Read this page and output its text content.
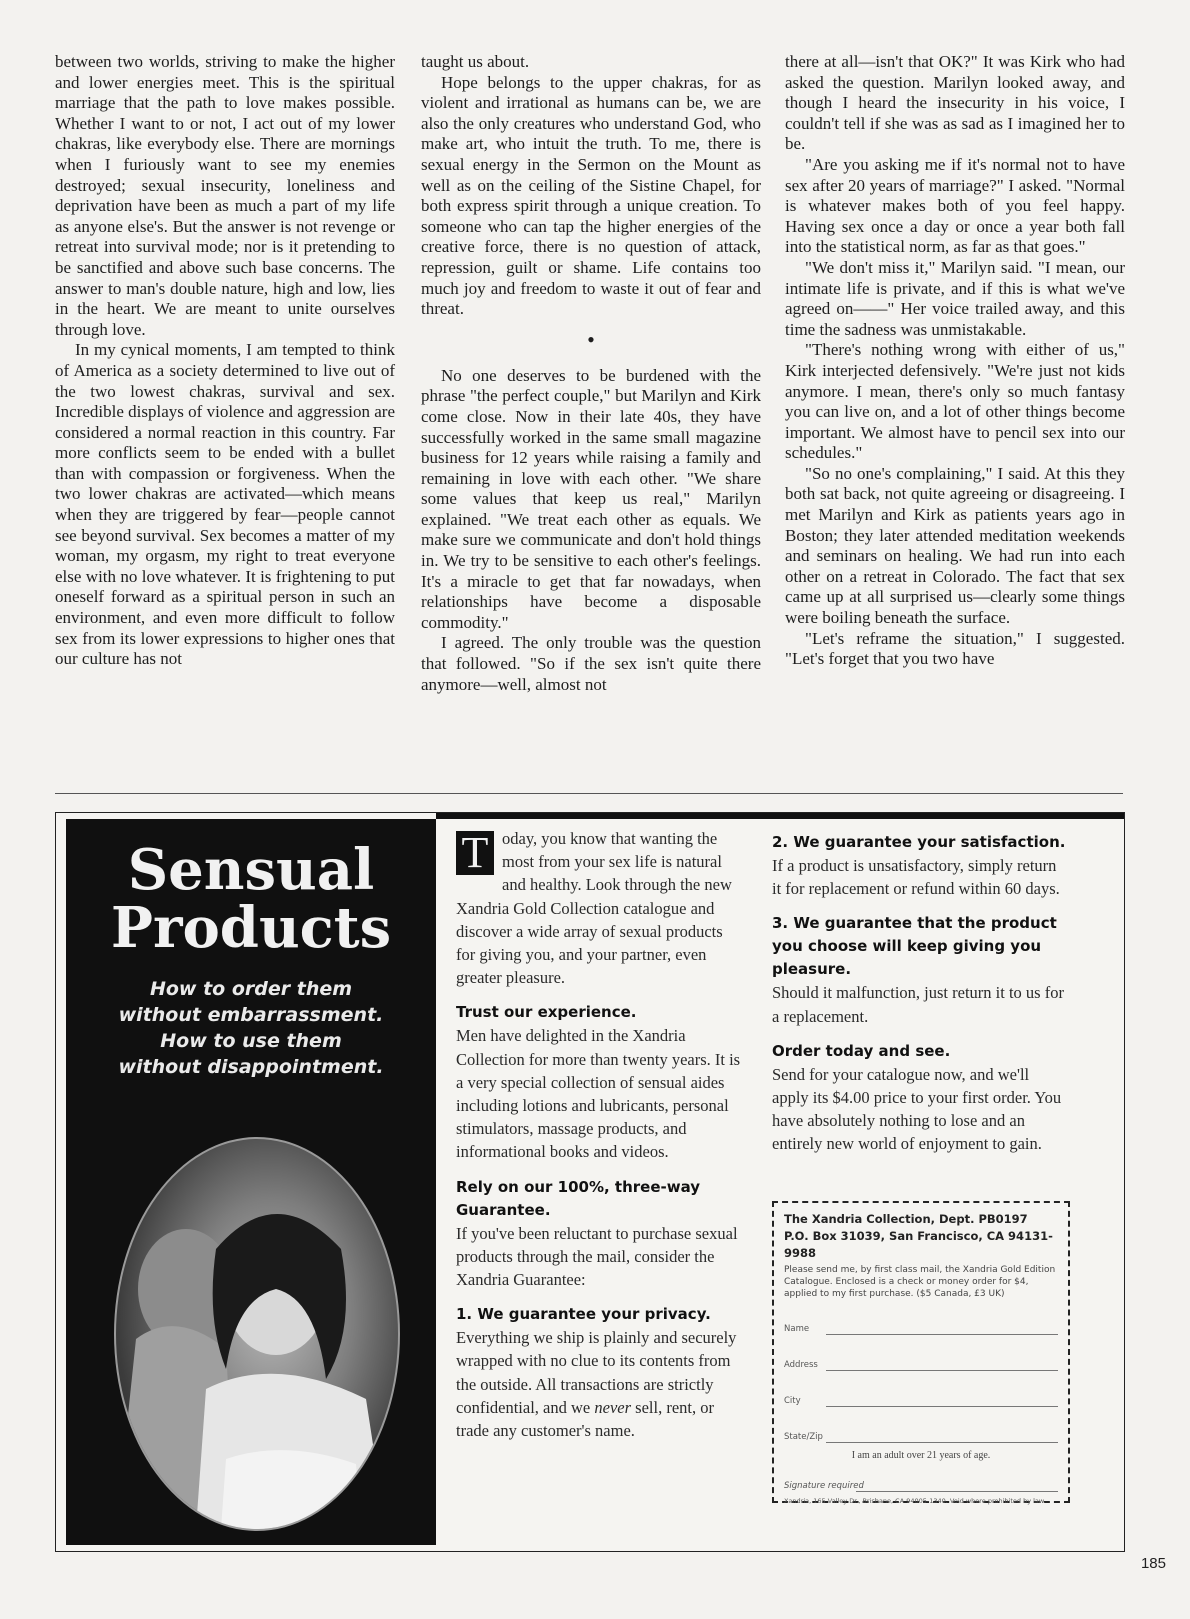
between two worlds, striving to make the higher and lower energies meet. This is the spiritual marriage that the path to love makes possible. Whether I want to or not, I act out of my lower chakras, like everybody else. There are mornings when I furiously want to see my enemies destroyed; sexual insecurity, loneliness and deprivation have been as much a part of my life as anyone else's. But the answer is not revenge or retreat into survival mode; nor is it pretending to be sanctified and above such base concerns. The answer to man's double nature, high and low, lies in the heart. We are meant to unite ourselves through love.

In my cynical moments, I am tempted to think of America as a society determined to live out of the two lowest chakras, survival and sex. Incredible displays of violence and aggression are considered a normal reaction in this country. Far more conflicts seem to be ended with a bullet than with compassion or forgiveness. When the two lower chakras are activated—which means when they are triggered by fear—people cannot see beyond survival. Sex becomes a matter of my woman, my orgasm, my right to treat everyone else with no love whatever. It is frightening to put oneself forward as a spiritual person in such an environment, and even more difficult to follow sex from its lower expressions to higher ones that our culture has not

taught us about.

Hope belongs to the upper chakras, for as violent and irrational as humans can be, we are also the only creatures who understand God, who make art, who intuit the truth. To me, there is sexual energy in the Sermon on the Mount as well as on the ceiling of the Sistine Chapel, for both express spirit through a unique creation. To someone who can tap the higher energies of the creative force, there is no question of attack, repression, guilt or shame. Life contains too much joy and freedom to waste it out of fear and threat.

•

No one deserves to be burdened with the phrase "the perfect couple," but Marilyn and Kirk come close. Now in their late 40s, they have successfully worked in the same small magazine business for 12 years while raising a family and remaining in love with each other. "We share some values that keep us real," Marilyn explained. "We treat each other as equals. We make sure we communicate and don't hold things in. We try to be sensitive to each other's feelings. It's a miracle to get that far nowadays, when relationships have become a disposable commodity."

I agreed. The only trouble was the question that followed. "So if the sex isn't quite there anymore—well, almost not

there at all—isn't that OK?" It was Kirk who had asked the question. Marilyn looked away, and though I heard the insecurity in his voice, I couldn't tell if she was as sad as I imagined her to be.

"Are you asking me if it's normal not to have sex after 20 years of marriage?" I asked. "Normal is whatever makes both of you feel happy. Having sex once a day or once a year both fall into the statistical norm, as far as that goes."

"We don't miss it," Marilyn said. "I mean, our intimate life is private, and if this is what we've agreed on——" Her voice trailed away, and this time the sadness was unmistakable.

"There's nothing wrong with either of us," Kirk interjected defensively. "We're just not kids anymore. I mean, there's only so much fantasy you can live on, and a lot of other things become important. We almost have to pencil sex into our schedules."

"So no one's complaining," I said. At this they both sat back, not quite agreeing or disagreeing. I met Marilyn and Kirk as patients years ago in Boston; they later attended meditation weekends and seminars on healing. We had run into each other on a retreat in Colorado. The fact that sex came up at all surprised us—clearly some things were boiling beneath the surface.

"Let's reframe the situation," I suggested. "Let's forget that you two have

Sensual
Products
How to order them
without embarrassment.
How to use them
without disappointment.

T oday, you know that wanting the most from your sex life is natural and healthy. Look through the new Xandria Gold Collection catalogue and discover a wide array of sexual products for giving you, and your partner, even greater pleasure.

Trust our experience.

Men have delighted in the Xandria Collection for more than twenty years. It is a very special collection of sensual aides including lotions and lubricants, personal stimulators, massage products, and informational books and videos.

Rely on our 100%, three-way Guarantee.

If you've been reluctant to purchase sexual products through the mail, consider the Xandria Guarantee:

1. We guarantee your privacy.

Everything we ship is plainly and securely wrapped with no clue to its contents from the outside. All transactions are strictly confidential, and we never sell, rent, or trade any customer's name.

2. We guarantee your satisfaction.

If a product is unsatisfactory, simply return it for replacement or refund within 60 days.

3. We guarantee that the product you choose will keep giving you pleasure.

Should it malfunction, just return it to us for a replacement.

Order today and see.

Send for your catalogue now, and we'll apply its $4.00 price to your first order. You have absolutely nothing to lose and an entirely new world of enjoyment to gain.

The Xandria Collection, Dept. PB0197
P.O. Box 31039, San Francisco, CA 94131-9988
Please send me, by first class mail, the Xandria Gold Edition Catalogue. Enclosed is a check or money order for $4, applied to my first purchase. ($5 Canada, £3 UK)
Name
Address
City
State/Zip
I am an adult over 21 years of age.
Signature required
Xandria, 165 Valley Dr., Brisbane, CA 94005-1340. Void where prohibited by law.
185
